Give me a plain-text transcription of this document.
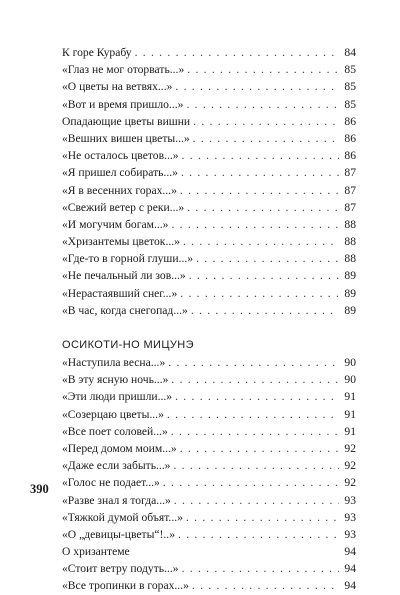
К горе Курабу . . .	84
«Глаз не мог оторвать...» . . .	85
«О цветы на ветвях...» . . .	85
«Вот и время пришло...» . . .	85
Опадающие цветы вишни . . .	86
«Вешних вишен цветы...» . . .	86
«Не осталось цветов...» . . .	86
«Я пришел собирать...» . . .	87
«Я в весенних горах...» . . .	87
«Свежий ветер с реки...» . . .	87
«И могучим богам...» . . .	88
«Хризантемы цветок...» . . .	88
«Где-то в горной глуши...» . . .	88
«Не печальный ли зов...» . . .	89
«Нерастаявший снег...» . . .	89
«В час, когда снегопад...» . . .	89
ОСИКОТИ-НО МИЦУНЭ
«Наступила весна...» . . .	90
«В эту ясную ночь...» . . .	90
«Эти люди пришли...» . . .	91
«Созерцаю цветы...» . . .	91
«Все поет соловей...» . . .	91
«Перед домом моим...» . . .	92
«Даже если забыть...» . . .	92
«Голос не подает...» . . .	92
«Разве знал я тогда...» . . .	93
«Тяжкой думой объят...» . . .	93
«О „девицы-цветы“!..» . . .	93
О хризантеме	94
«Стоит ветру подуть...» . . .	94
«Все тропинки в горах...» . . .	94
390
